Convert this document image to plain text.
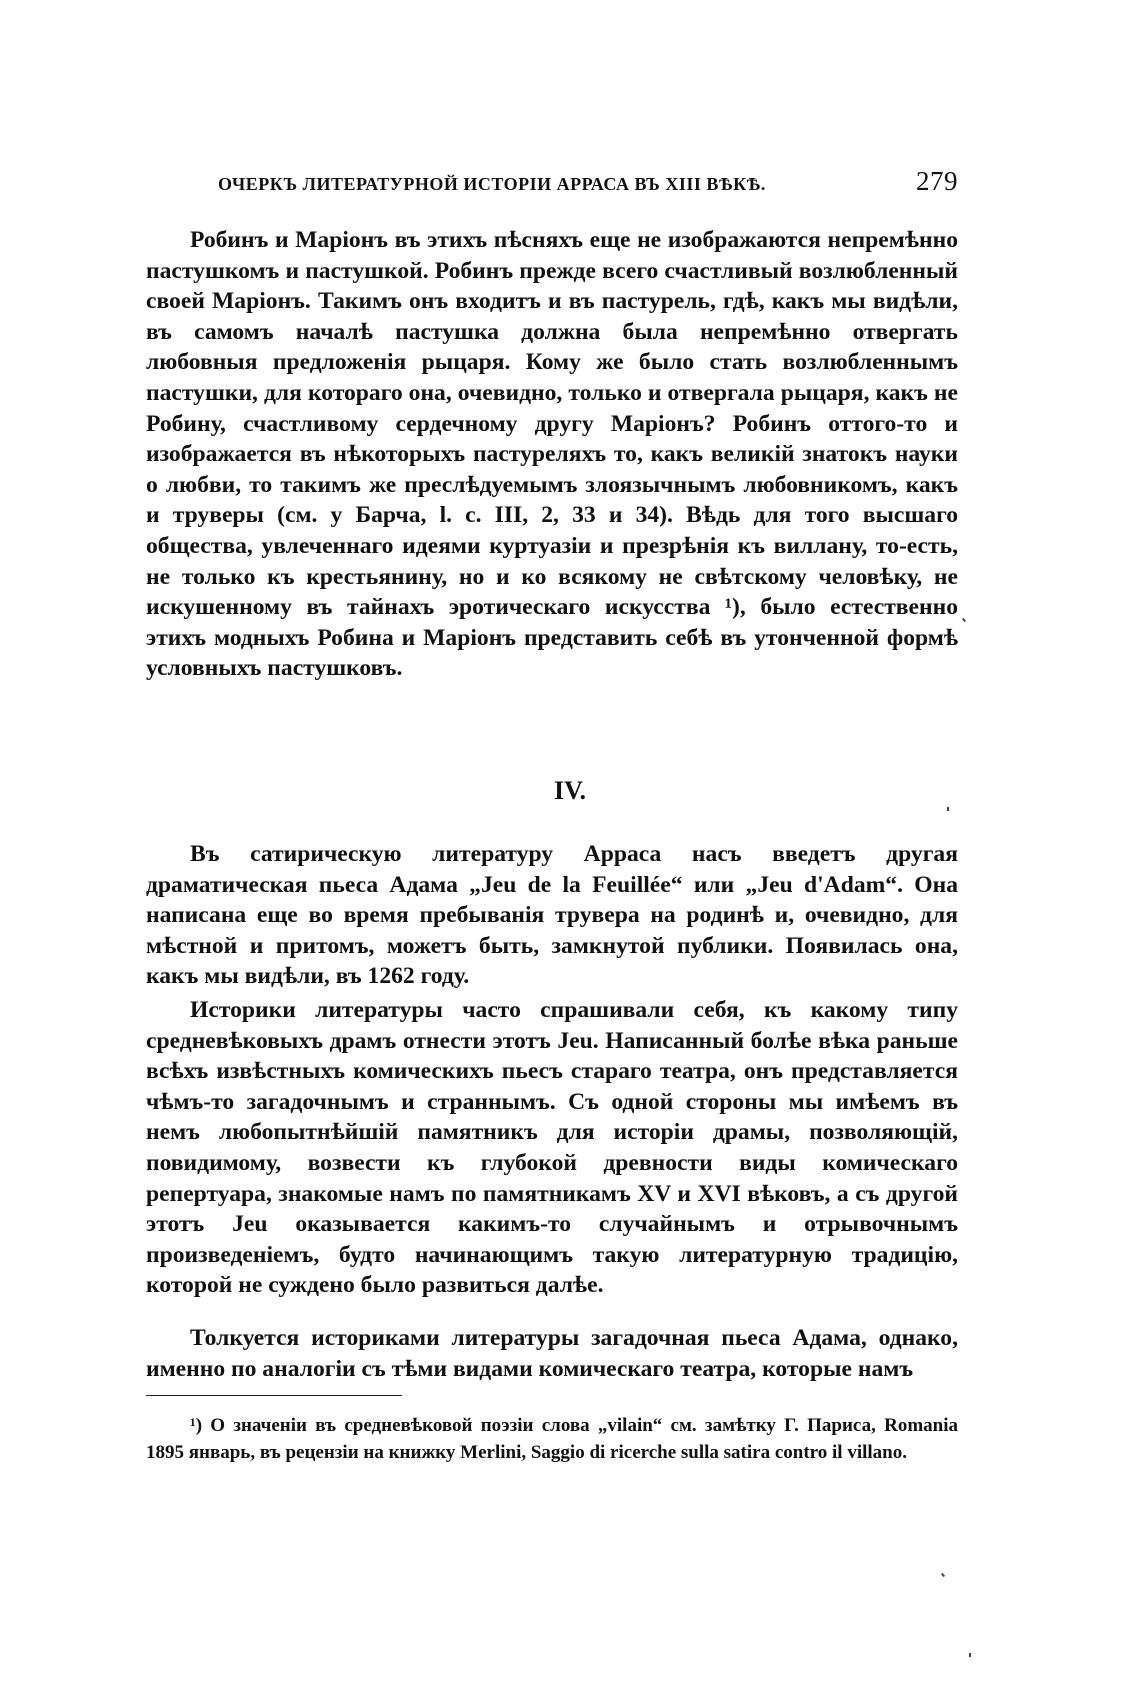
ОЧЕРКЪ ЛИТЕРАТУРНОЙ ИСТОРІИ АРРАСА ВЪ XIII ВѢКѢ.	279

Робинъ и Маріонъ въ этихъ пѣсняхъ еще не изображаются непремѣнно пастушкомъ и пастушкой. Робинъ прежде всего счастливый возлюбленный своей Маріонъ. Такимъ онъ входитъ и въ пастурель, гдѣ, какъ мы видѣли, въ самомъ началѣ пастушка должна была непремѣнно отвергать любовныя предложенія рыцаря. Кому же было стать возлюбленнымъ пастушки, для котораго она, очевидно, только и отвергала рыцаря, какъ не Робину, счастливому сердечному другу Маріонъ? Робинъ оттого-то и изображается въ нѣкоторыхъ пастуреляхъ то, какъ великій знатокъ науки о любви, то такимъ же преслѣдуемымъ злоязычнымъ любовникомъ, какъ и труверы (см. у Барча, l. c. III, 2, 33 и 34). Вѣдь для того высшаго общества, увлеченнаго идеями куртуазіи и презрѣнія къ виллану, то-есть, не только къ крестьянину, но и ко всякому не свѣтскому человѣку, не искушенному въ тайнахъ эротическаго искусства ¹), было естественно этихъ модныхъ Робина и Маріонъ представить себѣ въ утонченной формѣ условныхъ пастушковъ.

IV.

Въ сатирическую литературу Арраса насъ введетъ другая драматическая пьеса Адама „Jeu de la Feuillée“ или „Jeu d'Adam“. Она написана еще во время пребыванія трувера на родинѣ и, очевидно, для мѣстной и притомъ, можетъ быть, замкнутой публики. Появилась она, какъ мы видѣли, въ 1262 году.

Историки литературы часто спрашивали себя, къ какому типу средневѣковыхъ драмъ отнести этотъ Jeu. Написанный болѣе вѣка раньше всѣхъ извѣстныхъ комическихъ пьесъ стараго театра, онъ представляется чѣмъ-то загадочнымъ и страннымъ. Съ одной стороны мы имѣемъ въ немъ любопытнѣйшій памятникъ для исторіи драмы, позволяющій, повидимому, возвести къ глубокой древности виды комическаго репертуара, знакомые намъ по памятникамъ XV и XVI вѣковъ, а съ другой этотъ Jeu оказывается какимъ-то случайнымъ и отрывочнымъ произведеніемъ, будто начинающимъ такую литературную традицію, которой не суждено было развиться далѣе.

Толкуется историками литературы загадочная пьеса Адама, однако, именно по аналогіи съ тѣми видами комическаго театра, которые намъ

¹) О значеніи въ средневѣковой поэзіи слова „vilain“ см. замѣтку Г. Париса, Romania 1895 январь, въ рецензіи на книжку Merlini, Saggio di ricerche sulla satira contro il villano.
